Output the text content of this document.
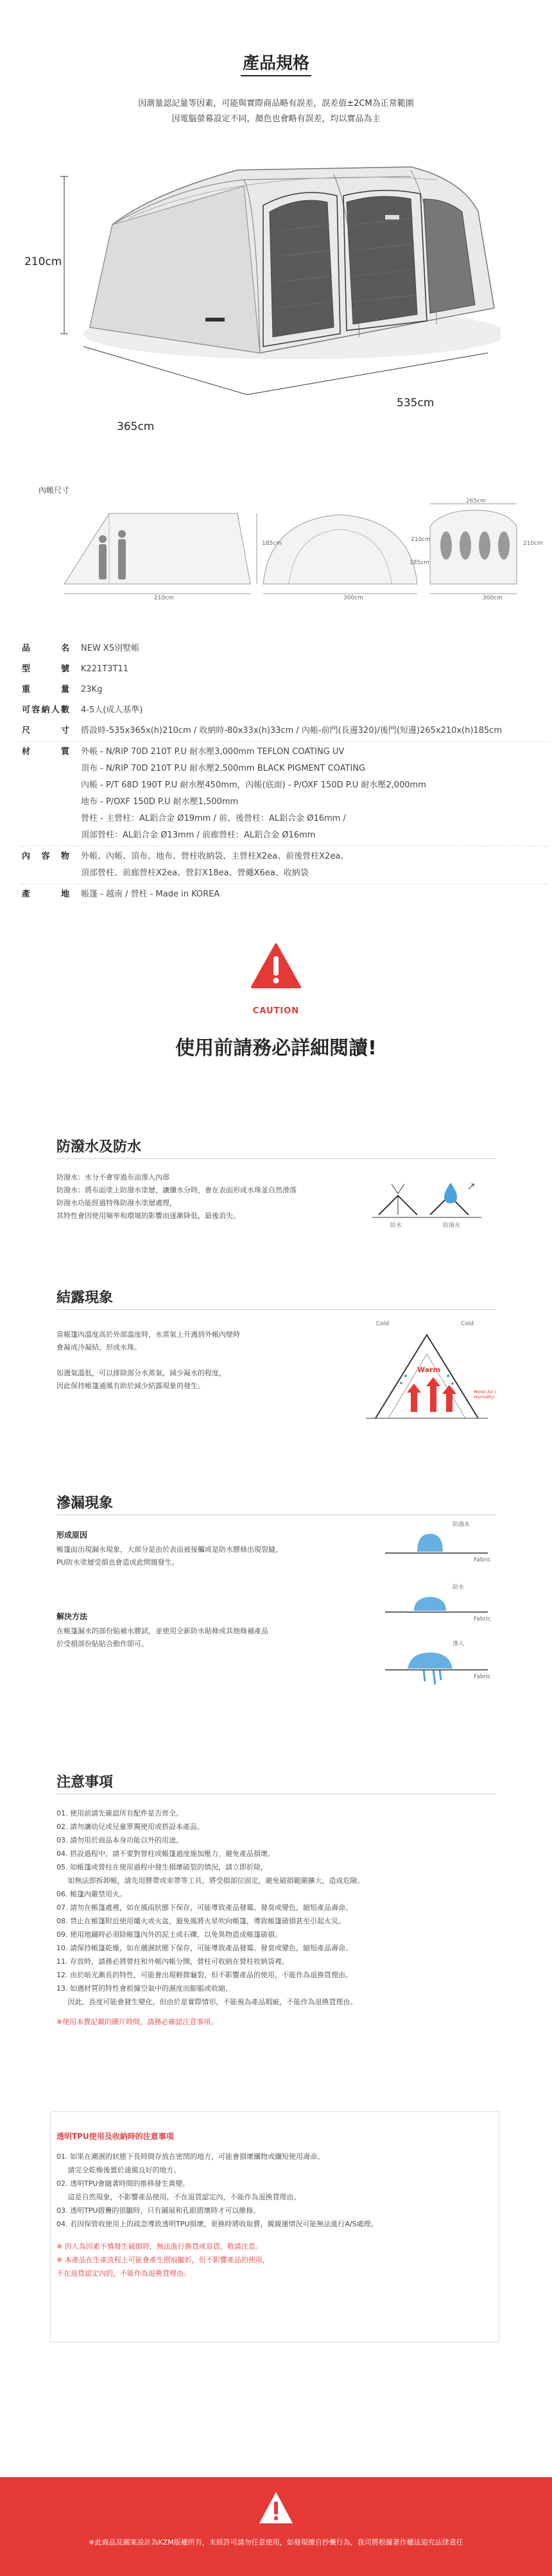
產品規格
因測量認記量等因素，可能與實際商品略有誤差，誤差值±2CM為正常範圍
因電腦螢幕設定不同，顏色也會略有誤差，均以實品為主
210cm
365cm
535cm
內帳尺寸
210cm
185cm
300cm
210cm
265cm
185cm
300cm
210cm
品名	NEW X5別墅帳
型號	K221T3T11
重量	23Kg
可容納人數	4-5人(成人基準)
尺寸	搭設時-535x365x(h)210cm / 收納時-80x33x(h)33cm / 內帳-前門(長邊320)/後門(短邊)265x210x(h)185cm
材質	外帳 - N/RIP 70D 210T P.U 耐水壓3,000mm TEFLON COATING UV
	頂布 - N/RIP 70D 210T P.U 耐水壓2,500mm BLACK PIGMENT COATING
	內帳 - P/T 68D 190T P.U 耐水壓450mm，內帳(底面) - P/OXF 150D P.U 耐水壓2,000mm
	地布 - P/OXF 150D P.U 耐水壓1,500mm
	營柱 - 主營柱：AL鋁合金 Ø19mm / 前、後營柱：AL鋁合金 Ø16mm /
	頂部營柱：AL鋁合金 Ø13mm / 前廊營柱：AL鋁合金 Ø16mm
內容物	外帳、內帳、頂布、地布、營柱收納袋、主營柱X2ea、前後營柱X2ea、
	頂部營柱、前廊營柱X2ea、營釘X18ea、營繩X6ea、收納袋
產地	帳篷 - 越南 / 營柱 - Made in KOREA
CAUTION
使用前請務必詳細閱讀!
防潑水及防水
防潑水：水分不會穿過布面滲入內部
防潑水：將布面塗上防潑水塗層，讓纖水分時，會在表面形成水珠並自然滑落
防潑水功能經過特殊防潑水塗層處理，
其特性會因使用頻率和環境的影響而逐漸降低，最後消失。
防水	防潑水
結露現象
當帳篷內溫度高於外部溫度時，水蒸氣上升遇到外帳內壁時
會凝成冷凝結，形成水珠。
如遇氣溫低，可以排除部分水蒸氣，減少凝水的程度，
因此保持帳篷通風有助於減少結露現象的發生。
Cold	Cold
Warm
Moist Air / Humidity
滲漏現象
形成原因
帳篷面出現漏水現象，大部分是由於表面被接觸或是防水膠條出現裂縫，
PU防水塗層受損也會造成此問題發生。
解決方法
在帳篷漏水的部份貼補水膠試，並使用全新防水貼條或其他修補產品
於受損部份貼貼合動作即可。
防潑水
Fabric
防水
Fabric
滲入
Fabric
注意事項
01. 使用前請先確認所有配件是否齊全。
02. 請勿讓幼兒或兒童單獨使用或搭設本產品。
03. 請勿用於商品本身功能以外的用途。
04. 搭設過程中，請不要對營柱或帳篷過度施加壓力，避免產品損壞。
05. 如帳篷或營柱在使用過程中發生損壞破裂的情況，請立即折除，
如無法即拆卸帳，請先用膠帶或束帶等工具，將受損部位固定，避免破損範圍擴大，造成危險。
06. 帳篷內嚴禁用火。
07. 請勿在帳篷處裡，如在風雨狀態下保存，可能導致產品發霉、發臭或變色，縮短產品壽命。
08. 禁止在帳篷附近使用爐火或火盆，避免風將火星吹向帳篷，導致帳篷破損甚至引起火災。
09. 使用地鋪時必須除帳篷內外的泥土或石礫，以免異物造成帳篷破損。
10. 請保持帳篷乾燥，如在潮濕狀態下保存，可能導致產品發霉、發臭或變色，縮短產品壽命。
11. 存放時，請務必將營柱和外帳內帳分開，營柱可收納在營柱收納袋裡。
12. 由於暗光漸長的特性，可能會出現輕微龜裂，但不影響產品的使用，不能作為退換貨理由。
13. 如遇材質的特性會根據空氣中的濕度而膨脹或收縮，
因此，長度可能會發生變化，但由於是實際情形，不能視為產品瑕疵，不能作為退換貨理由。
※使用本費記載的圖片時間，請務必確認注意事項。
透明TPU使用及收納時的注意事項
01. 如果在潮濕的狀態下長時間存放在密閉的地方，可能會損壞纖物或纖短使用壽命。
請完全乾燥後置於通風良好的地方。
02. 透明TPU會隨著時間的推移發生黃變。
這是自然現象，不影響產品使用，不在退貨認定內，不能作為退換貨理由。
03. 透明TPU摺疊的很皺時，只有鋪展和孔眼摺壞時才可以維修。
04. 若因保管收使用上的疏忽導致透明TPU損壞，更換時將收取費，親親運情況可能無法進行A/S處理。
※ 因人為因素不慎發生破損時，無法進行換貨或退貨，敬請注意。
※ 本產品在生產流程上可能會產生摺痕皺折，但不影響產品的使用，
不在退貨認定內的，不能作為退換貨理由。
※此商品及圖案設計為KZM版權所有，未經許可請勿任意使用，如發現擅自抄襲行為，我司將根據著作權法追究法律責任
